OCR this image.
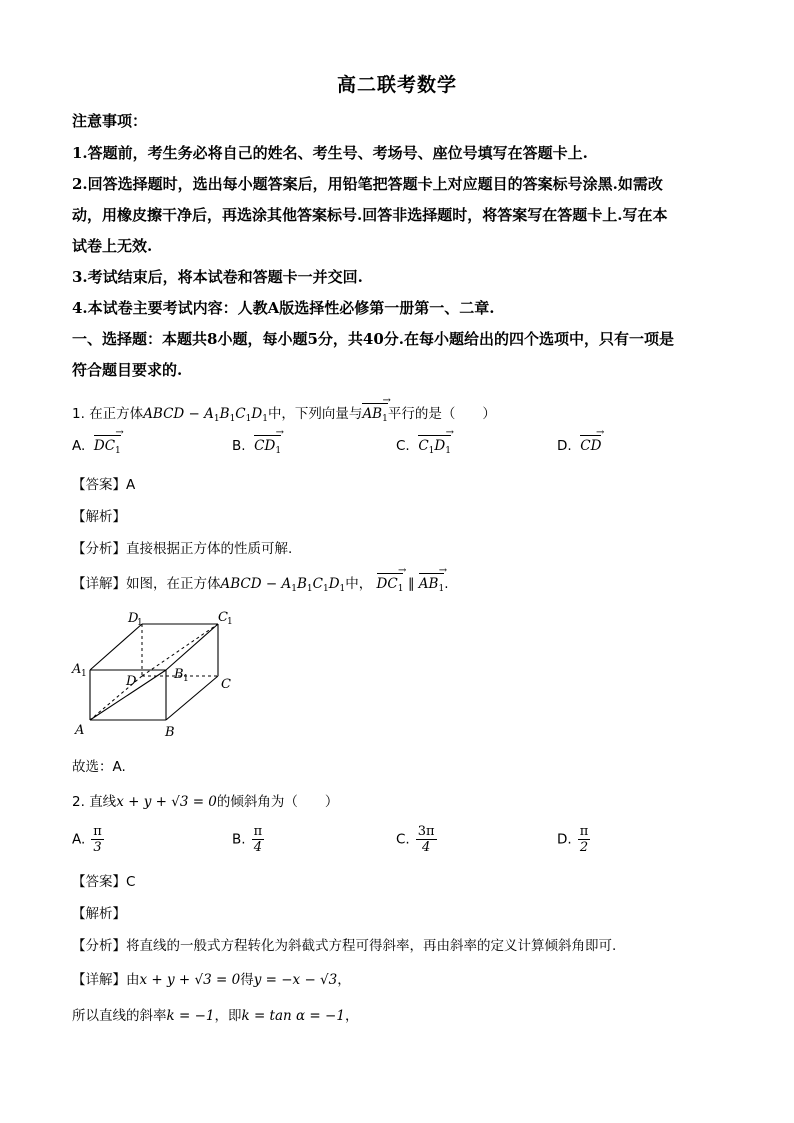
高二联考数学
注意事项：
1.答题前，考生务必将自己的姓名、考生号、考场号、座位号填写在答题卡上.
2.回答选择题时，选出每小题答案后，用铅笔把答题卡上对应题目的答案标号涂黑.如需改
动，用橡皮擦干净后，再选涂其他答案标号.回答非选择题时，将答案写在答题卡上.写在本
试卷上无效.
3.考试结束后，将本试卷和答题卡一并交回.
4.本试卷主要考试内容：人教A版选择性必修第一册第一、二章.
一、选择题：本题共8小题，每小题5分，共40分.在每小题给出的四个选项中，只有一项是
符合题目要求的.
1. 在正方体ABCD − $A_1B_1C_1D_1$中，下列向量与$AB_1$ →平行的是（　　）
A. $DC_1$ →	B. $CD_1$ →	C. $C_1D_1$ →	D. CD →
【答案】A
【解析】
【分析】直接根据正方体的性质可解.
【详解】如图，在正方体ABCD − $A_1B_1C_1D_1$中， $DC_1$ → ∥ $AB_1$ →.
A	B
C
D
A 1	B 1
C 1
D
1
故选：A.
2. 直线x + y + √3 = 0的倾斜角为（　　）
A. $\frac{\pi}{3}$	B. $\frac{\pi}{4}$	C. $\frac{3\pi}{4}$	D. $\frac{\pi}{2}$
【答案】C
【解析】
【分析】将直线的一般式方程转化为斜截式方程可得斜率，再由斜率的定义计算倾斜角即可.
【详解】由x + y + √3 = 0得y = −x − √3，
所以直线的斜率k = −1，即k = tan α = −1，
